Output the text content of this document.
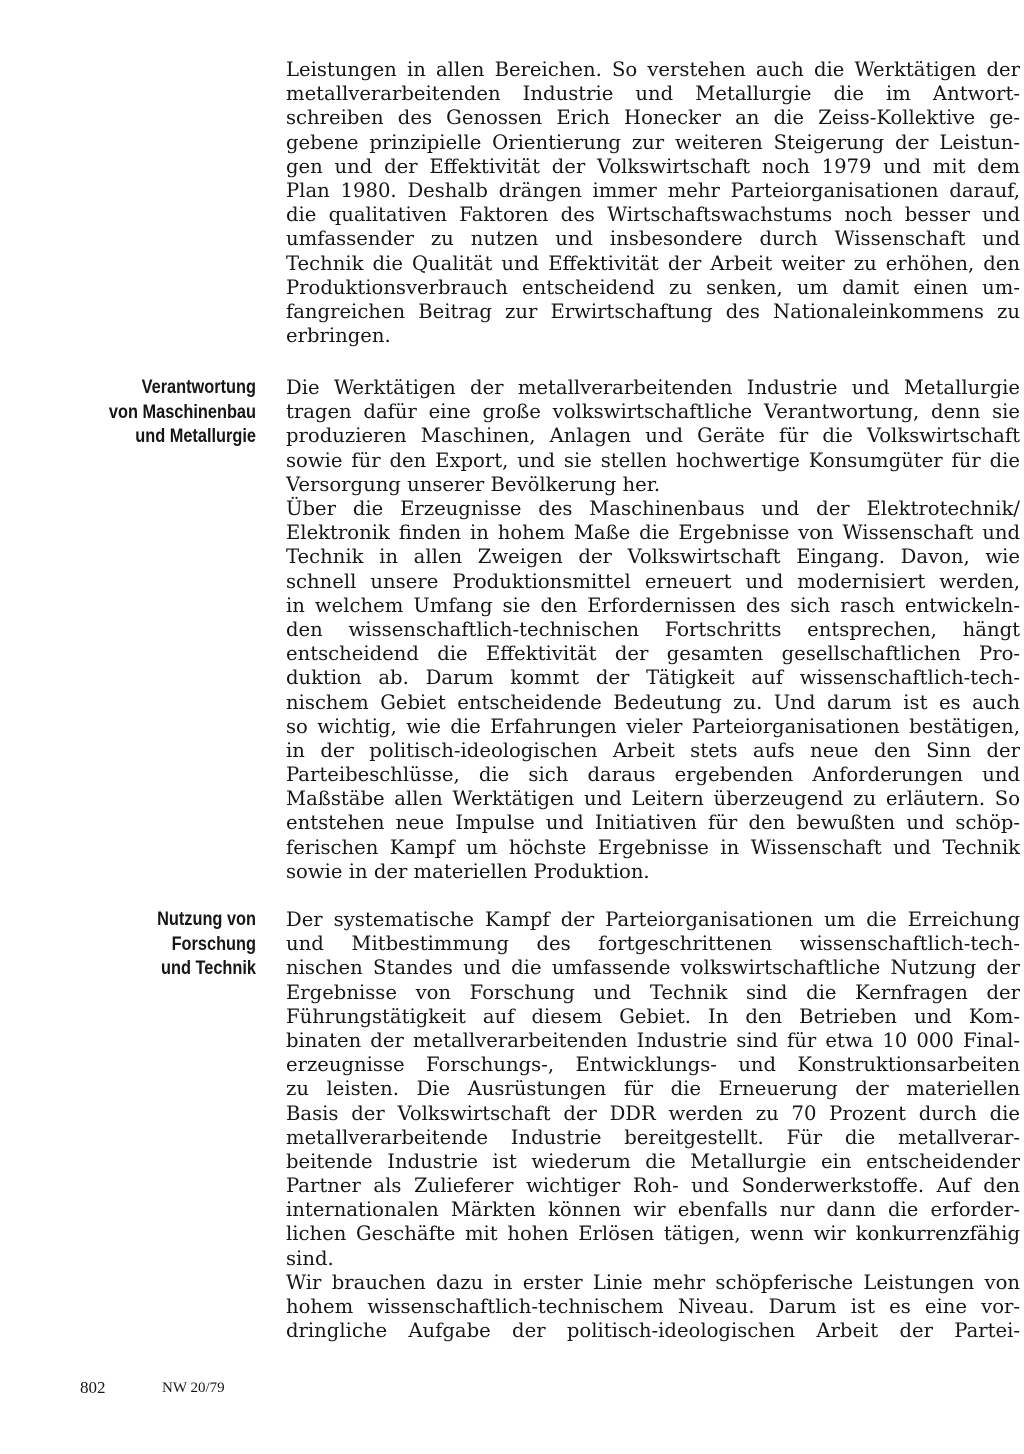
Leistungen in allen Bereichen. So verstehen auch die Werktätigen der
metallverarbeitenden Industrie und Metallurgie die im Antwort-
schreiben des Genossen Erich Honecker an die Zeiss-Kollektive ge-
gebene prinzipielle Orientierung zur weiteren Steigerung der Leistun-
gen und der Effektivität der Volkswirtschaft noch 1979 und mit dem
Plan 1980. Deshalb drängen immer mehr Parteiorganisationen darauf,
die qualitativen Faktoren des Wirtschaftswachstums noch besser und
umfassender zu nutzen und insbesondere durch Wissenschaft und
Technik die Qualität und Effektivität der Arbeit weiter zu erhöhen, den
Produktionsverbrauch entscheidend zu senken, um damit einen um-
fangreichen Beitrag zur Erwirtschaftung des Nationaleinkommens zu
erbringen.
Verantwortung
von Maschinenbau
und Metallurgie
Die Werktätigen der metallverarbeitenden Industrie und Metallurgie
tragen dafür eine große volkswirtschaftliche Verantwortung, denn sie
produzieren Maschinen, Anlagen und Geräte für die Volkswirtschaft
sowie für den Export, und sie stellen hochwertige Konsumgüter für die
Versorgung unserer Bevölkerung her.
Über die Erzeugnisse des Maschinenbaus und der Elektrotechnik/
Elektronik finden in hohem Maße die Ergebnisse von Wissenschaft und
Technik in allen Zweigen der Volkswirtschaft Eingang. Davon, wie
schnell unsere Produktionsmittel erneuert und modernisiert werden,
in welchem Umfang sie den Erfordernissen des sich rasch entwickeln-
den wissenschaftlich-technischen Fortschritts entsprechen, hängt
entscheidend die Effektivität der gesamten gesellschaftlichen Pro-
duktion ab. Darum kommt der Tätigkeit auf wissenschaftlich-tech-
nischem Gebiet entscheidende Bedeutung zu. Und darum ist es auch
so wichtig, wie die Erfahrungen vieler Parteiorganisationen bestätigen,
in der politisch-ideologischen Arbeit stets aufs neue den Sinn der
Parteibeschlüsse, die sich daraus ergebenden Anforderungen und
Maßstäbe allen Werktätigen und Leitern überzeugend zu erläutern. So
entstehen neue Impulse und Initiativen für den bewußten und schöp-
ferischen Kampf um höchste Ergebnisse in Wissenschaft und Technik
sowie in der materiellen Produktion.
Nutzung von
Forschung
und Technik
Der systematische Kampf der Parteiorganisationen um die Erreichung
und Mitbestimmung des fortgeschrittenen wissenschaftlich-tech-
nischen Standes und die umfassende volkswirtschaftliche Nutzung der
Ergebnisse von Forschung und Technik sind die Kernfragen der
Führungstätigkeit auf diesem Gebiet. In den Betrieben und Kom-
binaten der metallverarbeitenden Industrie sind für etwa 10 000 Final-
erzeugnisse Forschungs-, Entwicklungs- und Konstruktionsarbeiten
zu leisten. Die Ausrüstungen für die Erneuerung der materiellen
Basis der Volkswirtschaft der DDR werden zu 70 Prozent durch die
metallverarbeitende Industrie bereitgestellt. Für die metallverar-
beitende Industrie ist wiederum die Metallurgie ein entscheidender
Partner als Zulieferer wichtiger Roh- und Sonderwerkstoffe. Auf den
internationalen Märkten können wir ebenfalls nur dann die erforder-
lichen Geschäfte mit hohen Erlösen tätigen, wenn wir konkurrenzfähig
sind.
Wir brauchen dazu in erster Linie mehr schöpferische Leistungen von
hohem wissenschaftlich-technischem Niveau. Darum ist es eine vor-
dringliche Aufgabe der politisch-ideologischen Arbeit der Partei-
802	NW 20/79
